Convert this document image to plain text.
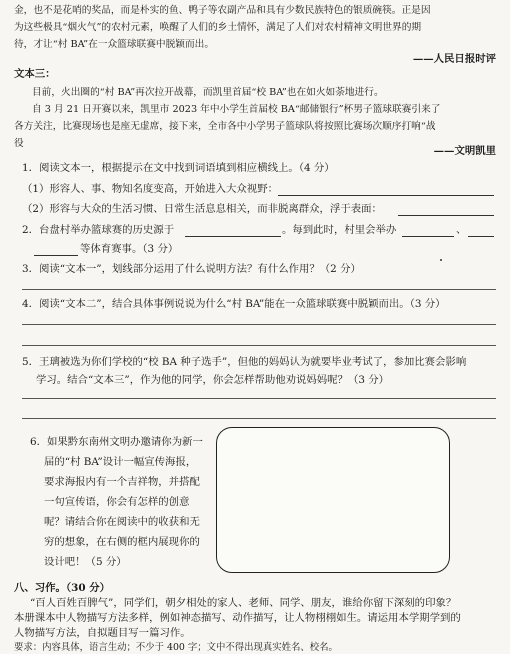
金，也不是花哨的奖品，而是朴实的鱼、鸭子等农副产品和具有少数民族特色的银质碗筷。正是因
为这些极具“烟火气”的农村元素，唤醒了人们的乡土情怀，满足了人们对农村精神文明世界的期
待，才让“村 BA”在一众篮球联赛中脱颖而出。
——人民日报时评
文本三：
目前，火出圈的“村 BA”再次拉开战幕，而凯里首届“校 BA”也在如火如荼地进行。
自 3 月 21 日开赛以来，凯里市 2023 年中小学生首届校 BA“邮储银行”杯男子篮球联赛引来了
各方关注，比赛现场也是座无虚席，接下来，全市各中小学男子篮球队将按照比赛场次顺序打响“战
役
——文明凯里
1．阅读文本一，根据提示在文中找到词语填到相应横线上。（4 分）
（1）形容人、事、物知名度变高，开始进入大众视野：
（2）形容与大众的生活习惯、日常生活息息相关，而非脱离群众，浮于表面：
2．台盘村举办篮球赛的历史源于	。每到此时，村里会举办	、
等体育赛事。（3 分）
3．阅读“文本一”，划线部分运用了什么说明方法？有什么作用？（2 分）
4．阅读“文本二”，结合具体事例说说为什么“村 BA”能在一众篮球联赛中脱颖而出。（3 分）
5．王璃被选为你们学校的“校 BA 种子选手”，但他的妈妈认为就要毕业考试了，参加比赛会影响
学习。结合“文本三”，作为他的同学，你会怎样帮助他劝说妈妈呢？（3 分）
6．如果黔东南州文明办邀请你为新一
届的“村 BA”设计一幅宣传海报，
要求海报内有一个吉祥物，并搭配
一句宣传语，你会有怎样的创意
呢？请结合你在阅读中的收获和无
穷的想象，在右侧的框内展现你的
设计吧！（5 分）
八、习作。（30 分）
“百人百姓百脾气”，同学们，朝夕相处的家人、老师、同学、朋友，谁给你留下深刻的印象？
本册课本中人物描写方法多样，例如神态描写、动作描写，让人物栩栩如生。请运用本学期学到的
人物描写方法，自拟题目写一篇习作。
要求：内容具体，语言生动；不少于 400 字；文中不得出现真实姓名、校名。
